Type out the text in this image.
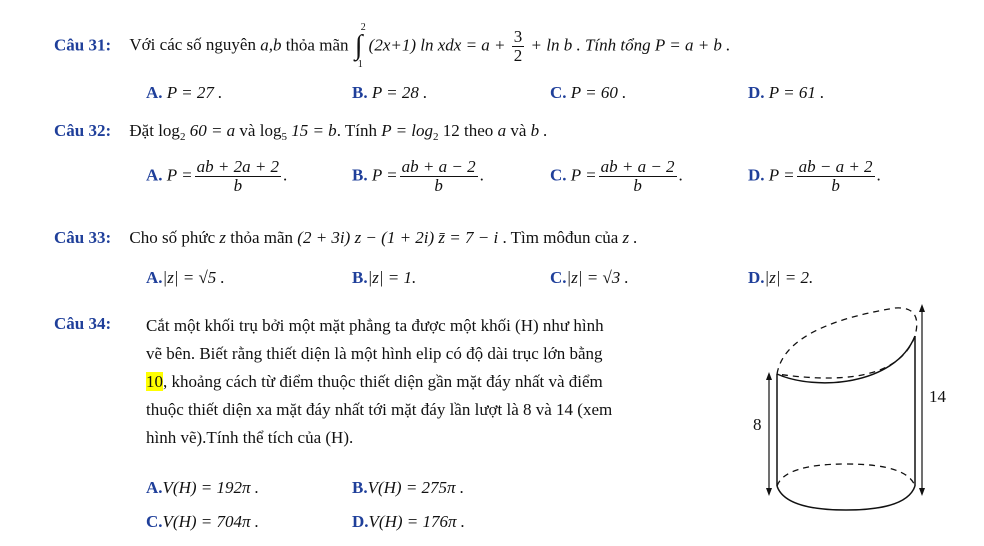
Câu 31: Với các số nguyên a,b thỏa mãn ∫
2
1
(2x+1) ln xdx = $a + \frac{3}{2} + \ln b$ . Tính tổng P = a + b .
A. P = 27 .	B. P = 28 .	C. P = 60 .	D. P = 61 .
Câu 32: Đặt $\log_2 60 = a$ và $\log_5 15 = b$. Tính $P = \log_2 12$ theo a và b .
A. $P = \frac{ab + 2a + 2}{b}$ .	B. $P = \frac{ab + a - 2}{b}$ .	C. $P = \frac{ab + a - 2}{b}$ .	D. $P = \frac{ab - a + 2}{b}$ .
Câu 33: Cho số phức z thỏa mãn (2 + 3i) z − (1 + 2i) z̄ = 7 − i . Tìm môđun của z .
A.|z| = √5 .	B.|z| = 1.	C.|z| = √3 .	D.|z| = 2.
Câu 34: Cắt một khối trụ bởi một mặt phẳng ta được một khối (H) như hình
vẽ bên. Biết rằng thiết diện là một hình elip có độ dài trục lớn bằng
10, khoảng cách từ điểm thuộc thiết diện gần mặt đáy nhất và điểm
thuộc thiết diện xa mặt đáy nhất tới mặt đáy lần lượt là 8 và 14 (xem
hình vẽ).Tính thể tích của (H).
A.V(H) = 192π .	B.V(H) = 275π .
C.V(H) = 704π .	D.V(H) = 176π .
8
14
